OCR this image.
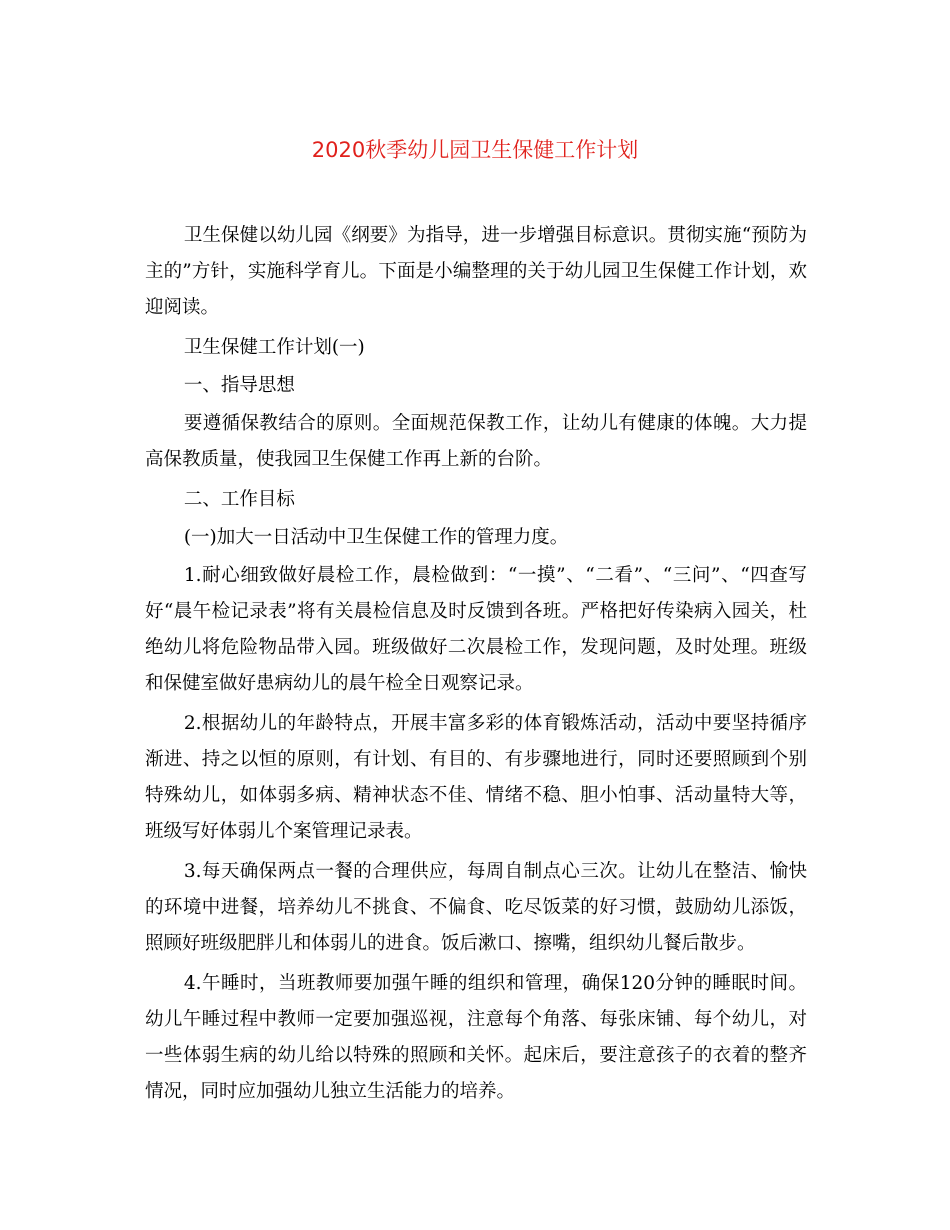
2020秋季幼儿园卫生保健工作计划

卫生保健以幼儿园《纲要》为指导，进一步增强目标意识。贯彻实施“预防为主的”方针，实施科学育儿。下面是小编整理的关于幼儿园卫生保健工作计划，欢迎阅读。

卫生保健工作计划(一)

一、指导思想

要遵循保教结合的原则。全面规范保教工作，让幼儿有健康的体魄。大力提高保教质量，使我园卫生保健工作再上新的台阶。

二、工作目标

(一)加大一日活动中卫生保健工作的管理力度。

1.耐心细致做好晨检工作，晨检做到：“一摸”、“二看”、“三问”、“四查写好“晨午检记录表”将有关晨检信息及时反馈到各班。严格把好传染病入园关，杜绝幼儿将危险物品带入园。班级做好二次晨检工作，发现问题，及时处理。班级和保健室做好患病幼儿的晨午检全日观察记录。

2.根据幼儿的年龄特点，开展丰富多彩的体育锻炼活动，活动中要坚持循序渐进、持之以恒的原则，有计划、有目的、有步骤地进行，同时还要照顾到个别特殊幼儿，如体弱多病、精神状态不佳、情绪不稳、胆小怕事、活动量特大等，班级写好体弱儿个案管理记录表。

3.每天确保两点一餐的合理供应，每周自制点心三次。让幼儿在整洁、愉快的环境中进餐，培养幼儿不挑食、不偏食、吃尽饭菜的好习惯，鼓励幼儿添饭，照顾好班级肥胖儿和体弱儿的进食。饭后漱口、擦嘴，组织幼儿餐后散步。

4.午睡时，当班教师要加强午睡的组织和管理，确保120分钟的睡眠时间。幼儿午睡过程中教师一定要加强巡视，注意每个角落、每张床铺、每个幼儿，对一些体弱生病的幼儿给以特殊的照顾和关怀。起床后，要注意孩子的衣着的整齐情况，同时应加强幼儿独立生活能力的培养。
